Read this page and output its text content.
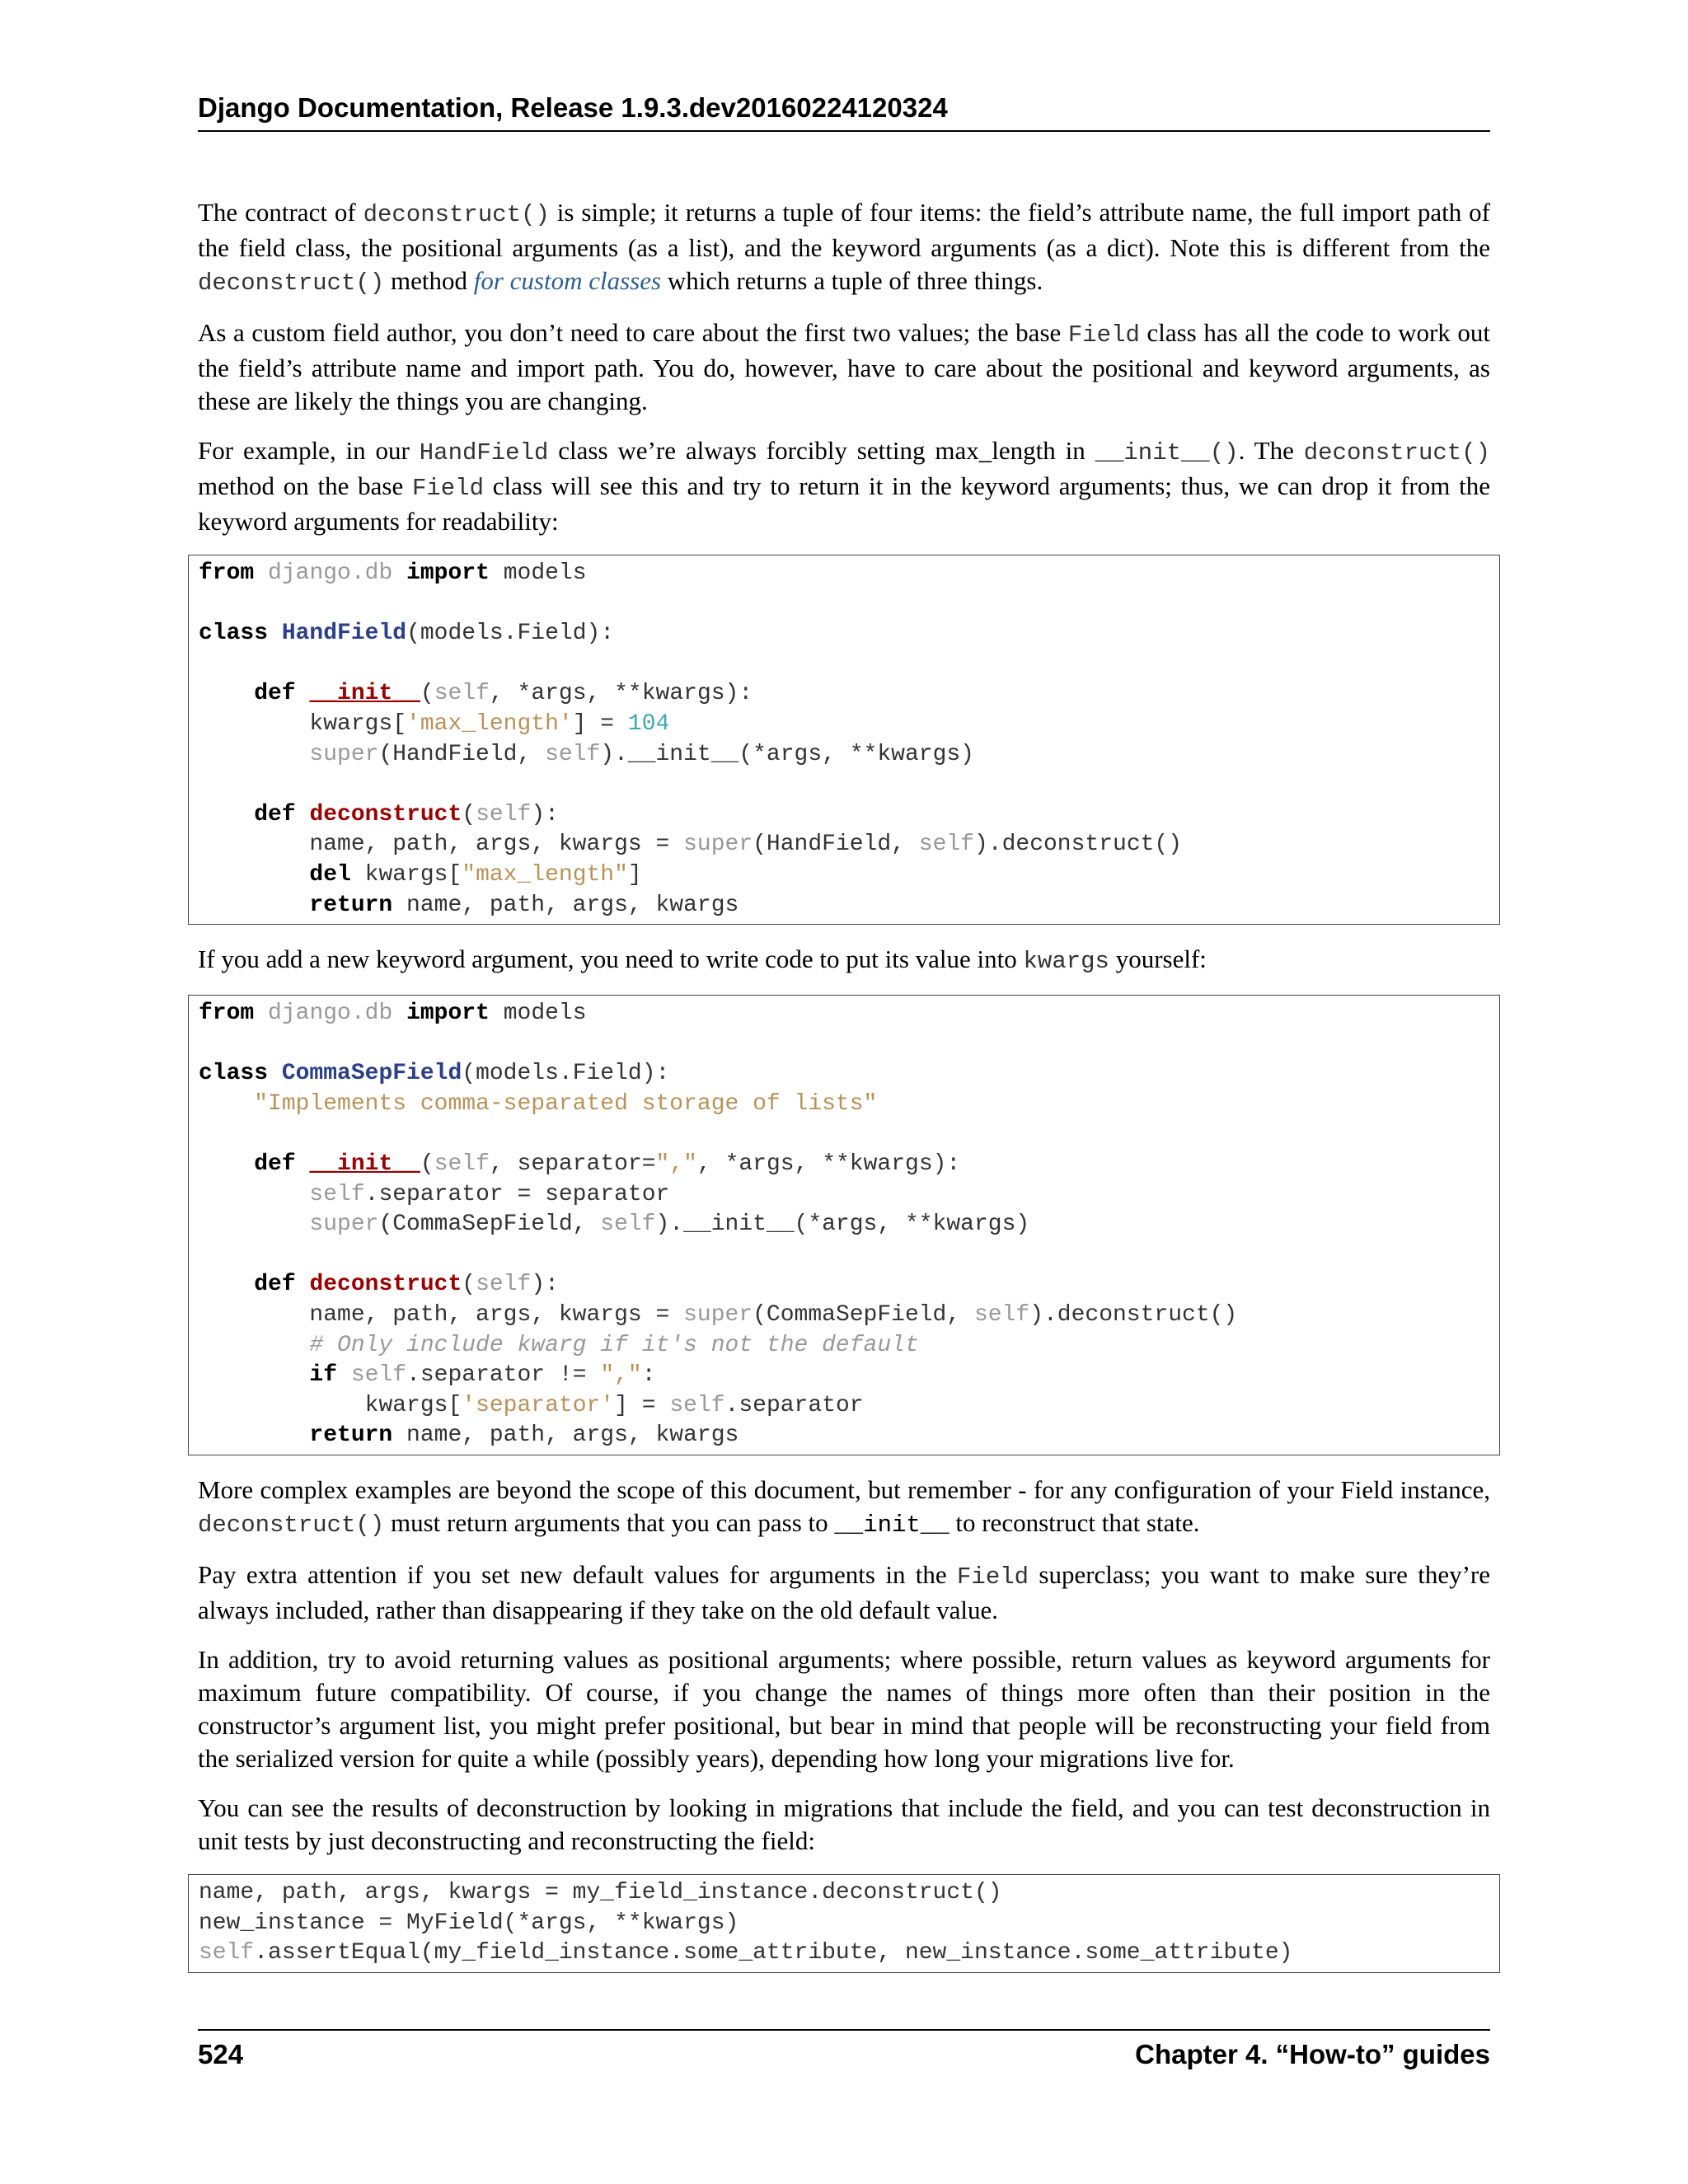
Django Documentation, Release 1.9.3.dev20160224120324

The contract of deconstruct() is simple; it returns a tuple of four items: the field’s attribute name, the full import path of the field class, the positional arguments (as a list), and the keyword arguments (as a dict). Note this is different from the deconstruct() method for custom classes which returns a tuple of three things.

As a custom field author, you don’t need to care about the first two values; the base Field class has all the code to work out the field’s attribute name and import path. You do, however, have to care about the positional and keyword arguments, as these are likely the things you are changing.

For example, in our HandField class we’re always forcibly setting max_length in __init__(). The deconstruct() method on the base Field class will see this and try to return it in the keyword arguments; thus, we can drop it from the keyword arguments for readability:

from django.db import models

class HandField(models.Field):

def __init__(self, *args, **kwargs):
kwargs['max_length'] = 104
super(HandField, self).__init__(*args, **kwargs)

def deconstruct(self):
name, path, args, kwargs = super(HandField, self).deconstruct()
del kwargs["max_length"]
return name, path, args, kwargs

If you add a new keyword argument, you need to write code to put its value into kwargs yourself:

from django.db import models

class CommaSepField(models.Field):
"Implements comma-separated storage of lists"

def __init__(self, separator=",", *args, **kwargs):
self.separator = separator
super(CommaSepField, self).__init__(*args, **kwargs)

def deconstruct(self):
name, path, args, kwargs = super(CommaSepField, self).deconstruct()
# Only include kwarg if it's not the default
if self.separator != ",":
kwargs['separator'] = self.separator
return name, path, args, kwargs

More complex examples are beyond the scope of this document, but remember - for any configuration of your Field instance, deconstruct() must return arguments that you can pass to __init__ to reconstruct that state.

Pay extra attention if you set new default values for arguments in the Field superclass; you want to make sure they’re always included, rather than disappearing if they take on the old default value.

In addition, try to avoid returning values as positional arguments; where possible, return values as keyword arguments for maximum future compatibility. Of course, if you change the names of things more often than their position in the constructor’s argument list, you might prefer positional, but bear in mind that people will be reconstructing your field from the serialized version for quite a while (possibly years), depending how long your migrations live for.

You can see the results of deconstruction by looking in migrations that include the field, and you can test deconstruction in unit tests by just deconstructing and reconstructing the field:

name, path, args, kwargs = my_field_instance.deconstruct()
new_instance = MyField(*args, **kwargs)
self.assertEqual(my_field_instance.some_attribute, new_instance.some_attribute)
524	Chapter 4. “How-to” guides
